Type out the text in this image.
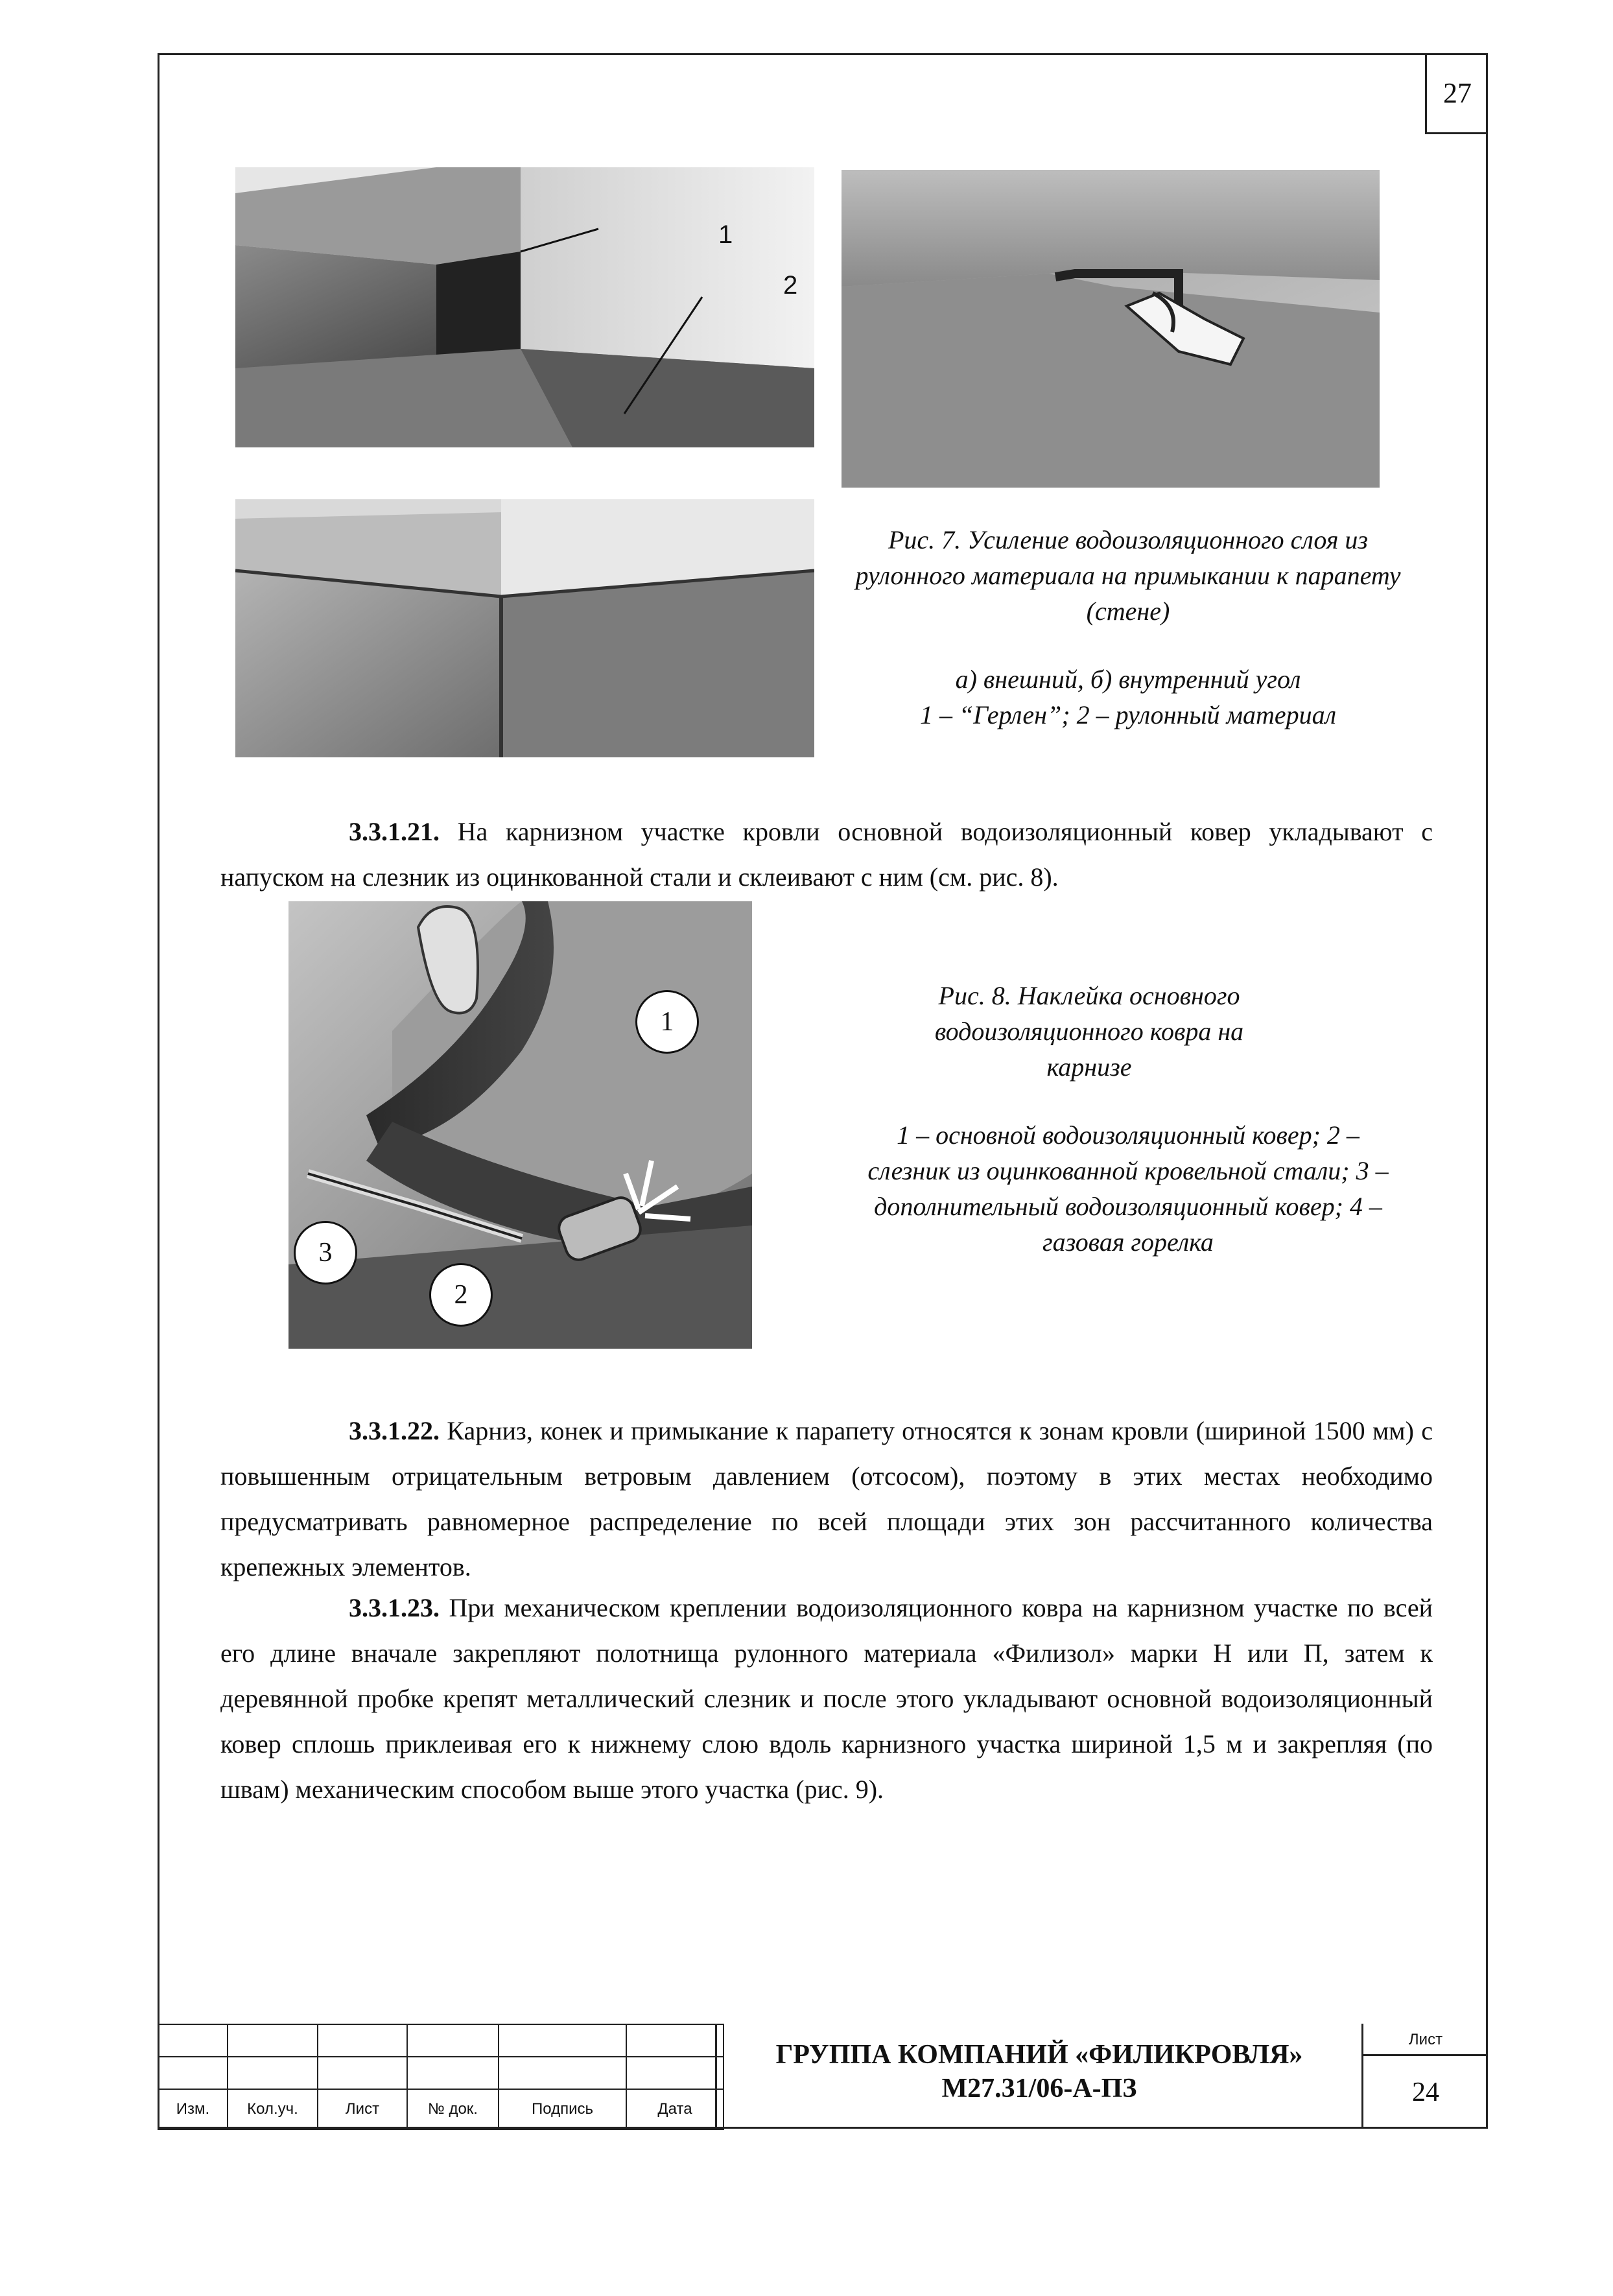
27
1
2
Рис. 7. Усиление водоизоляционного слоя из рулонного материала на примыкании к парапету (стене)
а) внешний, б) внутренний угол
1 – “Герлен”; 2 – рулонный материал
3.3.1.21. На карнизном участке кровли основной водоизоляционный ковер укладывают с напуском на слезник из оцинкованной стали и склеивают с ним (см. рис. 8).
1
3
2
Рис. 8. Наклейка основного водоизоляционного ковра на карнизе
1 – основной водоизоляционный ковер; 2 – слезник из оцинкованной кровельной стали; 3 – дополнительный водоизоляционный ковер; 4 – газовая горелка
3.3.1.22. Карниз, конек и примыкание к парапету относятся к зонам кровли (шириной 1500 мм) с повышенным отрицательным ветровым давлением (отсосом), поэтому в этих местах необходимо предусматривать равномерное распределение по всей площади этих зон рассчитанного количества крепежных элементов.
3.3.1.23. При механическом креплении водоизоляционного ковра на карнизном участке по всей его длине вначале закрепляют полотнища рулонного материала «Филизол» марки Н или П, затем к деревянной пробке крепят металлический слезник и после этого укладывают основной водоизоляционный ковер сплошь приклеивая его к нижнему слою вдоль карнизного участка шириной 1,5 м и закрепляя (по швам) механическим способом выше этого участка (рис. 9).

Изм.	Кол.уч.	Лист	№ док.	Подпись	Дата
ГРУППА КОМПАНИЙ «ФИЛИКРОВЛЯ»
М27.31/06-А-ПЗ
Лист
24
